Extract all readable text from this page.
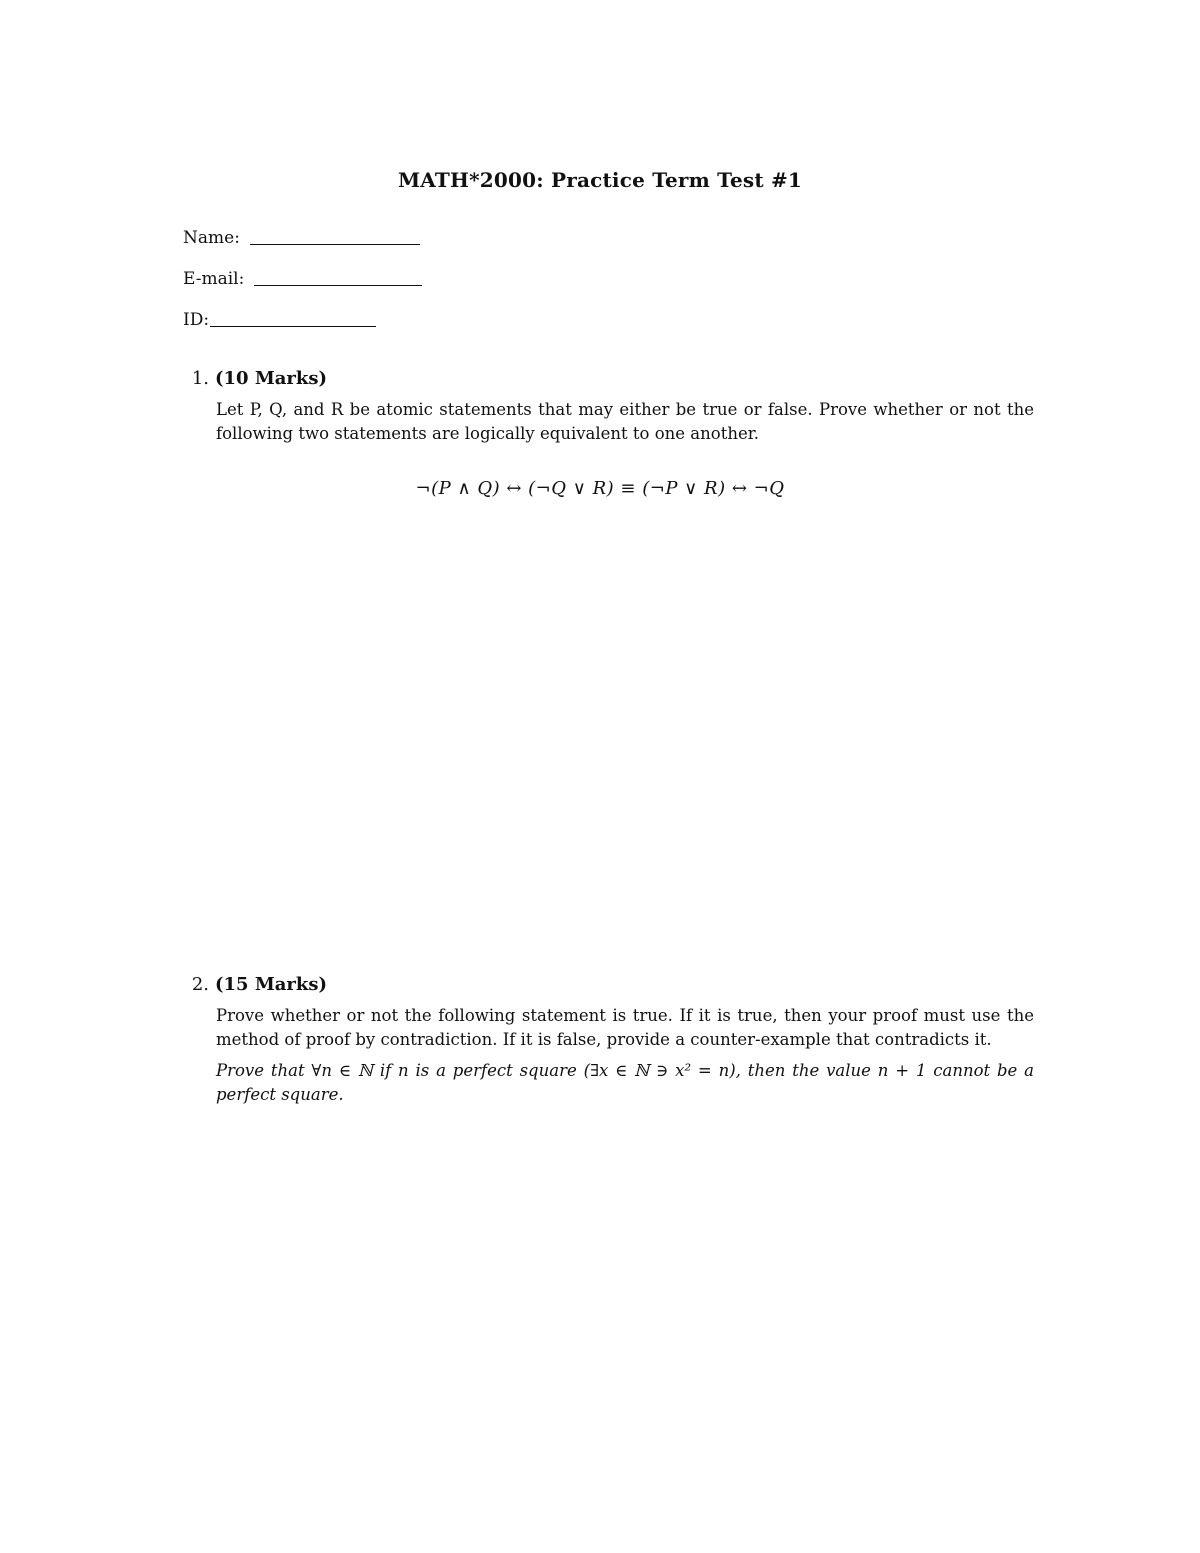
MATH*2000: Practice Term Test #1
Name:
E-mail:
ID:
1. (10 Marks)
Let P, Q, and R be atomic statements that may either be true or false. Prove whether or not the following two statements are logically equivalent to one another.
¬(P ∧ Q) ↔ (¬Q ∨ R) ≡ (¬P ∨ R) ↔ ¬Q
2. (15 Marks)
Prove whether or not the following statement is true. If it is true, then your proof must use the method of proof by contradiction. If it is false, provide a counter-example that contradicts it.
Prove that ∀n ∈ ℕ if n is a perfect square (∃x ∈ ℕ ∋ x² = n), then the value n + 1 cannot be a perfect square.
